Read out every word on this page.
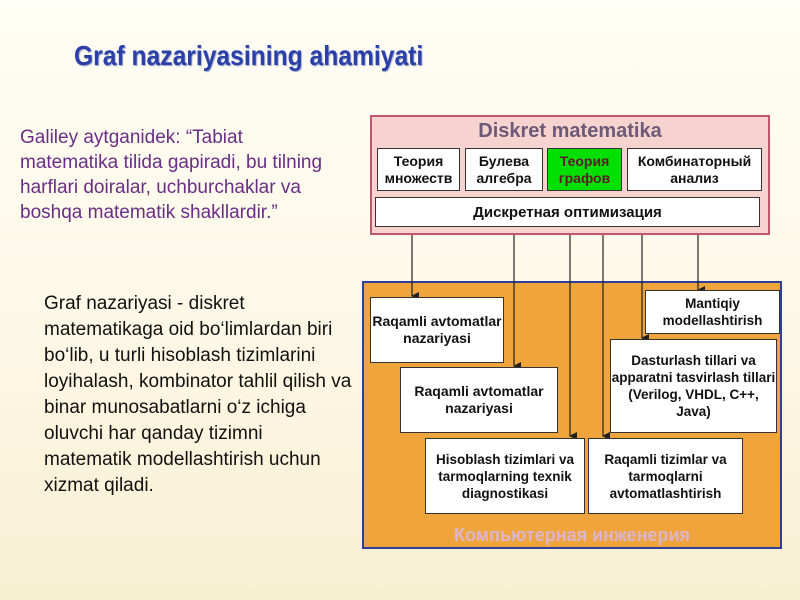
Graf nazariyasining ahamiyati

Galiley aytganidek: “Tabiat matematika tilida gapiradi, bu tilning harflari doiralar, uchburchaklar va boshqa matematik shakllardir.”

Graf nazariyasi - diskret matematikaga oid bo‘limlardan biri bo‘lib, u turli hisoblash tizimlarini loyihalash, kombinator tahlil qilish va binar munosabatlarni o‘z ichiga oluvchi har qanday tizimni matematik modellashtirish uchun xizmat qiladi.

Diskret matematika
Теория множеств
Булева алгебра
Теория графов
Комбинаторный анализ
Дискретная оптимизация
Raqamli avtomatlar nazariyasi
Raqamli avtomatlar nazariyasi
Hisoblash tizimlari va tarmoqlarning texnik diagnostikasi
Raqamli tizimlar va tarmoqlarni avtomatlashtirish
Dasturlash tillari va apparatni tasvirlash tillari (Verilog, VHDL, C++, Java)
Mantiqiy modellashtirish
Компьютерная инженерия
